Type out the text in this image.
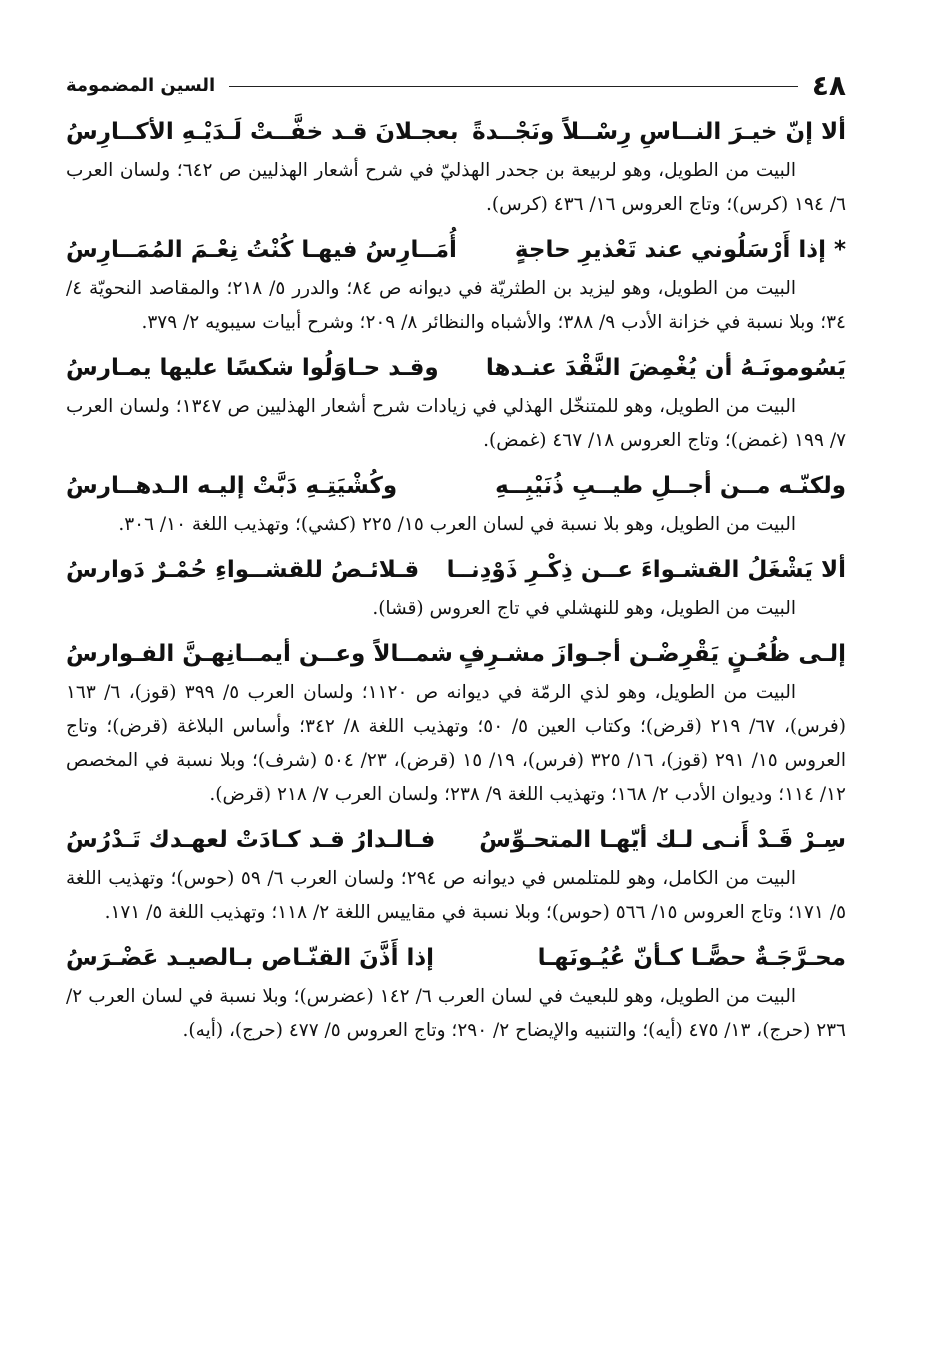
٤٨
السين المضمومة
ألا إنّ خيـرَ النــاسِ رِسْــلاً ونَجْــدةً
بعجـلانَ قـد خفَّــتْ لَـدَيْـهِ الأكــارِسُ

البيت من الطويل، وهو لربيعة بن جحدر الهذليّ في شرح أشعار الهذليين ص ٦٤٢؛ ولسان العرب ٦/ ١٩٤ (كرس)؛ وتاج العروس ١٦/ ٤٣٦ (كرس).

* إذا أَرْسَلُوني عند تَعْذيرِ حاجةٍ
أُمَــارِسُ فيهـا كُنْتُ نِعْـمَ المُمَــارِسُ

البيت من الطويل، وهو ليزيد بن الطثريّة في ديوانه ص ٨٤؛ والدرر ٥/ ٢١٨؛ والمقاصد النحويّة ٤/ ٣٤؛ وبلا نسبة في خزانة الأدب ٩/ ٣٨٨؛ والأشباه والنظائر ٨/ ٢٠٩؛ وشرح أبيات سيبويه ٢/ ٣٧٩.

يَسُومونَـهُ أن يُغْمِضَ النَّقْدَ عنـدها
وقـد حـاوَلُوا شكسًا عليها يمـارسُ

البيت من الطويل، وهو للمتنخّل الهذلي في زيادات شرح أشعار الهذليين ص ١٣٤٧؛ ولسان العرب ٧/ ١٩٩ (غمض)؛ وتاج العروس ١٨/ ٤٦٧ (غمض).

ولكنّـه مــن أجــلِ طيــبِ ذُنَيْبِــهِ
وكُشْيَتِـهِ دَبَّتْ إليـه الـدهــارسُ

البيت من الطويل، وهو بلا نسبة في لسان العرب ١٥/ ٢٢٥ (كشي)؛ وتهذيب اللغة ١٠/ ٣٠٦.

ألا يَشْغَلُ القشـواءَ عــن ذِكْـرِ ذَوْدِنــا
قـلائـصُ للقشــواءِ حُمْـرٌ دَوارسُ

البيت من الطويل، وهو للنهشلي في تاج العروس (قشا).

إلـى ظُعُـنٍ يَقْرِضْـن أجـوازَ مشـرِفٍ
شمــالاً وعــن أيمــانِهـنَّ الفـوارسُ

البيت من الطويل، وهو لذي الرمّة في ديوانه ص ١١٢٠؛ ولسان العرب ٥/ ٣٩٩ (قوز)، ٦/ ١٦٣ (فرس)، ٦٧/ ٢١٩ (قرض)؛ وكتاب العين ٥/ ٥٠؛ وتهذيب اللغة ٨/ ٣٤٢؛ وأساس البلاغة (قرض)؛ وتاج العروس ١٥/ ٢٩١ (قوز)، ١٦/ ٣٢٥ (فرس)، ١٩/ ١٥ (قرض)، ٢٣/ ٥٠٤ (شرف)؛ وبلا نسبة في المخصص ١٢/ ١١٤؛ وديوان الأدب ٢/ ١٦٨؛ وتهذيب اللغة ٩/ ٢٣٨؛ ولسان العرب ٧/ ٢١٨ (قرض).

سِـرْ قَـدْ أَنـى لـك أيّهـا المتحـوِّسُ
فـالـدارُ قـد كـادَتْ لعهـدك تَـدْرُسُ

البيت من الكامل، وهو للمتلمس في ديوانه ص ٢٩٤؛ ولسان العرب ٦/ ٥٩ (حوس)؛ وتهذيب اللغة ٥/ ١٧١؛ وتاج العروس ١٥/ ٥٦٦ (حوس)؛ وبلا نسبة في مقاييس اللغة ٢/ ١١٨؛ وتهذيب اللغة ٥/ ١٧١.

محـرَّجَـةٌ حصًّـا كـأنّ عُيُـونَهـا
إذا أَذَّنَ القنّـاص بـالصيـد عَضْـرَسُ

البيت من الطويل، وهو للبعيث في لسان العرب ٦/ ١٤٢ (عضرس)؛ وبلا نسبة في لسان العرب ٢/ ٢٣٦ (حرج)، ١٣/ ٤٧٥ (أيه)؛ والتنبيه والإيضاح ٢/ ٢٩٠؛ وتاج العروس ٥/ ٤٧٧ (حرج)، (أيه).
